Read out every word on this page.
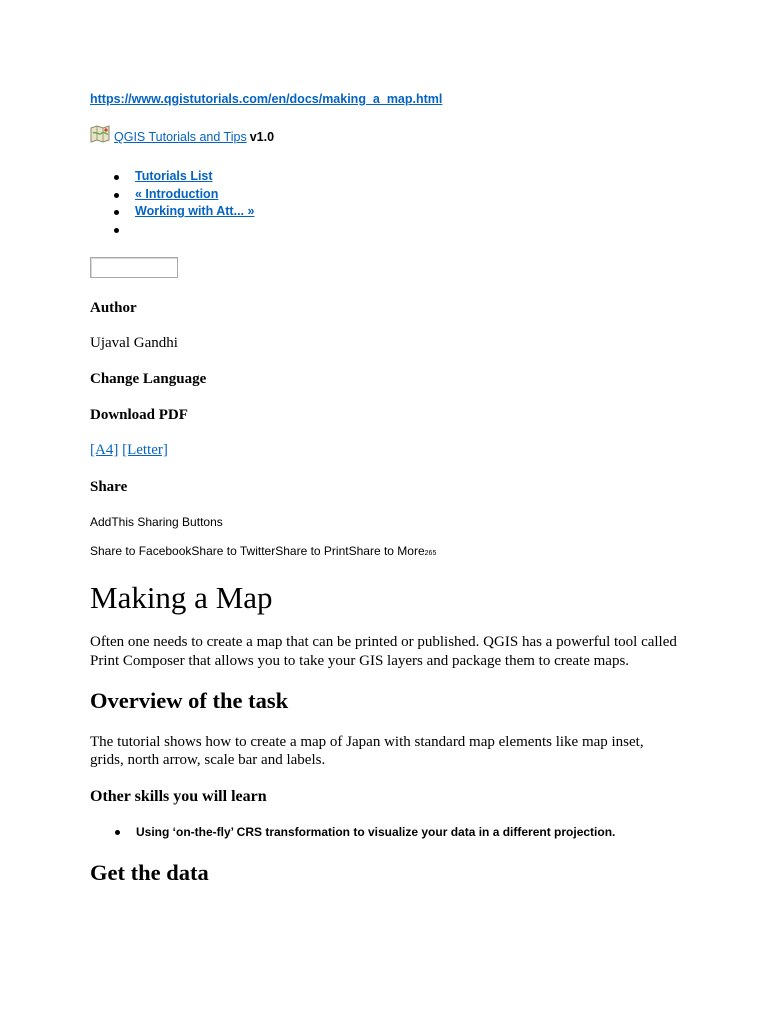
https://www.qgistutorials.com/en/docs/making_a_map.html
QGIS Tutorials and Tips v1.0
Tutorials List
« Introduction
Working with Att... »
Author
Ujaval Gandhi
Change Language
Download PDF
[A4] [Letter]
Share
AddThis Sharing Buttons
Share to FacebookShare to TwitterShare to PrintShare to More265
Making a Map

Often one needs to create a map that can be printed or published. QGIS has a powerful tool called Print Composer that allows you to take your GIS layers and package them to create maps.

Overview of the task

The tutorial shows how to create a map of Japan with standard map elements like map inset, grids, north arrow, scale bar and labels.

Other skills you will learn
Using ‘on-the-fly’ CRS transformation to visualize your data in a different projection.
Get the data
